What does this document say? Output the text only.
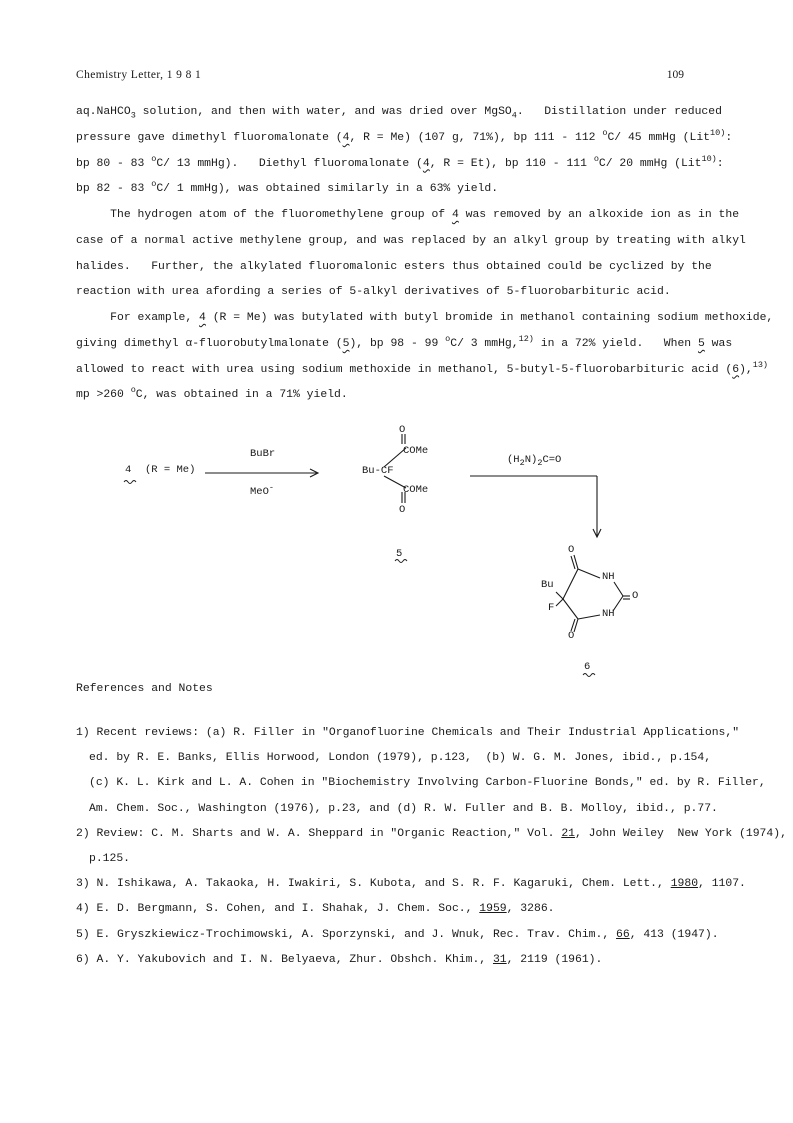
Chemistry Letter, 1 9 8 1	109
aq.NaHCO$_3$ solution, and then with water, and was dried over MgSO$_4$.   Distillation under reduced
pressure gave dimethyl fluoromalonate (4, R = Me) (107 g, 71%), bp 111 - 112 $^o$C/ 45 mmHg (Lit$^{10)}$:
bp 80 - 83 $^o$C/ 13 mmHg).   Diethyl fluoromalonate (4, R = Et), bp 110 - 111 $^o$C/ 20 mmHg (Lit$^{10)}$:
bp 82 - 83 $^o$C/ 1 mmHg), was obtained similarly in a 63% yield.
The hydrogen atom of the fluoromethylene group of 4 was removed by an alkoxide ion as in the
case of a normal active methylene group, and was replaced by an alkyl group by treating with alkyl
halides.   Further, the alkylated fluoromalonic esters thus obtained could be cyclized by the
reaction with urea afording a series of 5-alkyl derivatives of 5-fluorobarbituric acid.
For example, 4 (R = Me) was butylated with butyl bromide in methanol containing sodium methoxide,
giving dimethyl α-fluorobutylmalonate (5), bp 98 - 99 $^o$C/ 3 mmHg,$^{12)}$ in a 72% yield.   When 5 was
allowed to react with urea using sodium methoxide in methanol, 5-butyl-5-fluorobarbituric acid (6),$^{13)}$
mp >260 $^o$C, was obtained in a 71% yield.
4 (R = Me)
BuBr
MeO-
O
COMe
Bu-CF
COMe
O
5
$(H_2N)_2C=O$
O
NH
Bu
F
O
NH
O
6
References and Notes
1) Recent reviews: (a) R. Filler in "Organofluorine Chemicals and Their Industrial Applications,"
ed. by R. E. Banks, Ellis Horwood, London (1979), p.123,  (b) W. G. M. Jones, ibid., p.154,
(c) K. L. Kirk and L. A. Cohen in "Biochemistry Involving Carbon-Fluorine Bonds," ed. by R. Filler,
Am. Chem. Soc., Washington (1976), p.23, and (d) R. W. Fuller and B. B. Molloy, ibid., p.77.
2) Review: C. M. Sharts and W. A. Sheppard in "Organic Reaction," Vol. 21, John Weiley  New York (1974),
p.125.
3) N. Ishikawa, A. Takaoka, H. Iwakiri, S. Kubota, and S. R. F. Kagaruki, Chem. Lett., 1980, 1107.
4) E. D. Bergmann, S. Cohen, and I. Shahak, J. Chem. Soc., 1959, 3286.
5) E. Gryszkiewicz-Trochimowski, A. Sporzynski, and J. Wnuk, Rec. Trav. Chim., 66, 413 (1947).
6) A. Y. Yakubovich and I. N. Belyaeva, Zhur. Obshch. Khim., 31, 2119 (1961).
